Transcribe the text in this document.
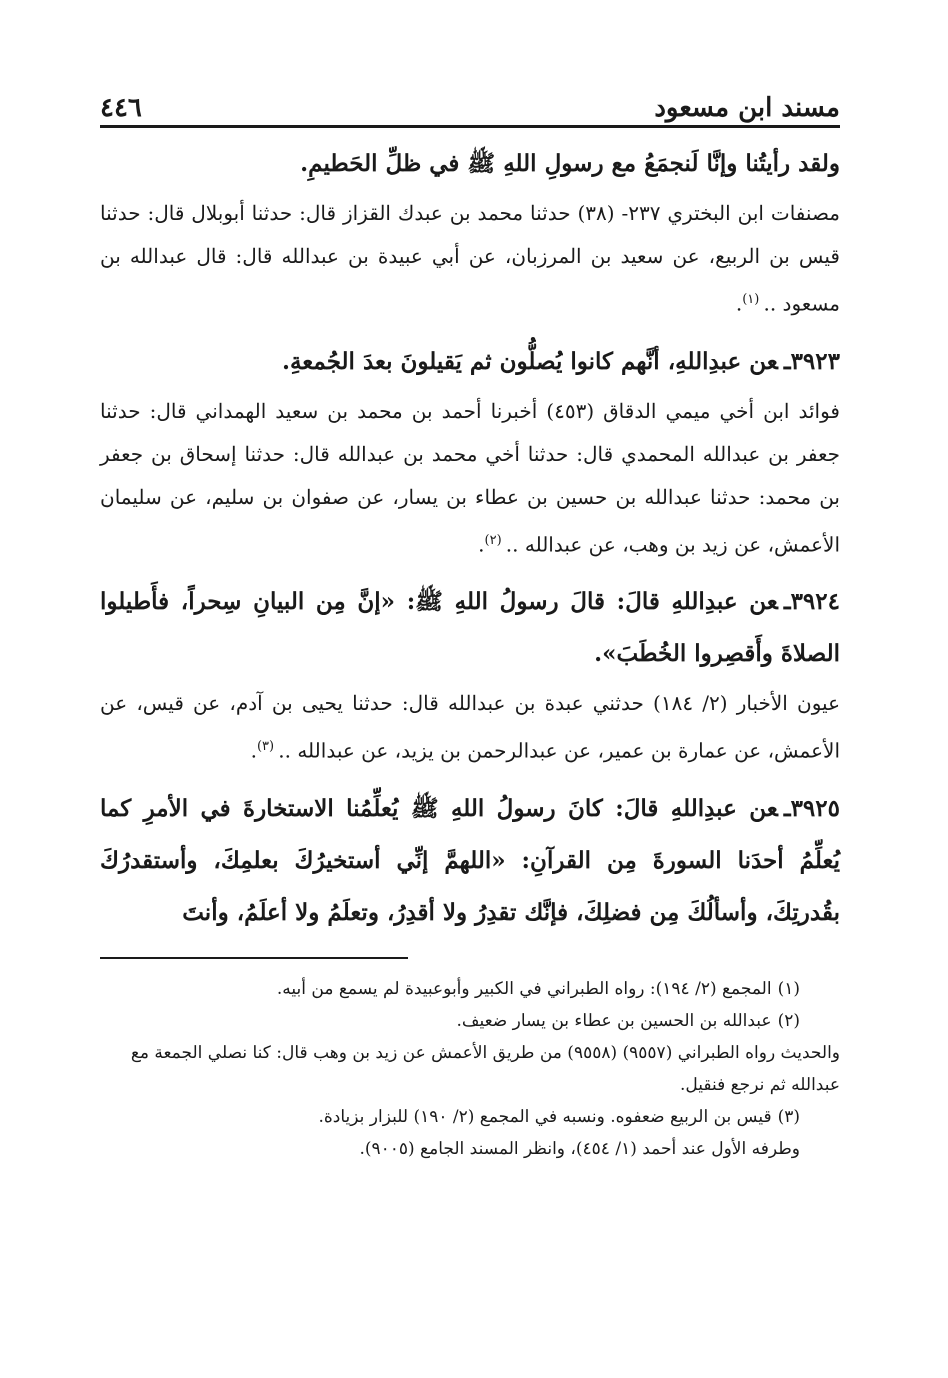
مسند ابن مسعود
٤٤٦

ولقد رأيتُنا وإنَّا لَنجمَعُ مع رسولِ اللهِ ﷺ في ظلِّ الحَطيمِ.

مصنفات ابن البختري ٢٣٧- (٣٨) حدثنا محمد بن عبدك القزاز قال: حدثنا أبوبلال قال: حدثنا قيس بن الربيع، عن سعيد بن المرزبان، عن أبي عبيدة بن عبدالله قال: قال عبدالله بن مسعود .. $^{(١)}$.

٣٩٢٣ـعن عبدِاللهِ، أنَّهم كانوا يُصلُّون ثم يَقيلونَ بعدَ الجُمعةِ.

فوائد ابن أخي ميمي الدقاق (٤٥٣) أخبرنا أحمد بن محمد بن سعيد الهمداني قال: حدثنا جعفر بن عبدالله المحمدي قال: حدثنا أخي محمد بن عبدالله قال: حدثنا إسحاق بن جعفر بن محمد: حدثنا عبدالله بن حسين بن عطاء بن يسار، عن صفوان بن سليم، عن سليمان الأعمش، عن زيد بن وهب، عن عبدالله .. $^{(٢)}$.

٣٩٢٤ـعن عبدِاللهِ قالَ: قالَ رسولُ اللهِ ﷺ: «إنَّ مِن البيانِ سِحراً، فأَطيلوا الصلاةَ وأَقصِروا الخُطَبَ».

عيون الأخبار (٢/ ١٨٤) حدثني عبدة بن عبدالله قال: حدثنا يحيى بن آدم، عن قيس، عن الأعمش، عن عمارة بن عمير، عن عبدالرحمن بن يزيد، عن عبدالله .. $^{(٣)}$.

٣٩٢٥ـعن عبدِاللهِ قالَ: كانَ رسولُ اللهِ ﷺ يُعلِّمُنا الاستخارةَ في الأمرِ كما يُعلِّمُ أحدَنا السورةَ مِن القرآنِ: «اللهمَّ إنِّي أستخيرُكَ بعلمِكَ، وأستقدرُكَ بقُدرتِكَ، وأسألُكَ مِن فضلِكَ، فإنَّك تقدِرُ ولا أقدِرُ، وتعلَمُ ولا أعلَمُ، وأنتَ

(١)المجمع (٢/ ١٩٤): رواه الطبراني في الكبير وأبوعبيدة لم يسمع من أبيه.
(٢)عبدالله بن الحسين بن عطاء بن يسار ضعيف.
والحديث رواه الطبراني (٩٥٥٧) (٩٥٥٨) من طريق الأعمش عن زيد بن وهب قال: كنا نصلي الجمعة مع عبدالله ثم نرجع فنقيل.
(٣)قيس بن الربيع ضعفوه. ونسبه في المجمع (٢/ ١٩٠) للبزار بزيادة.
وطرفه الأول عند أحمد (١/ ٤٥٤)، وانظر المسند الجامع (٩٠٠٥).
